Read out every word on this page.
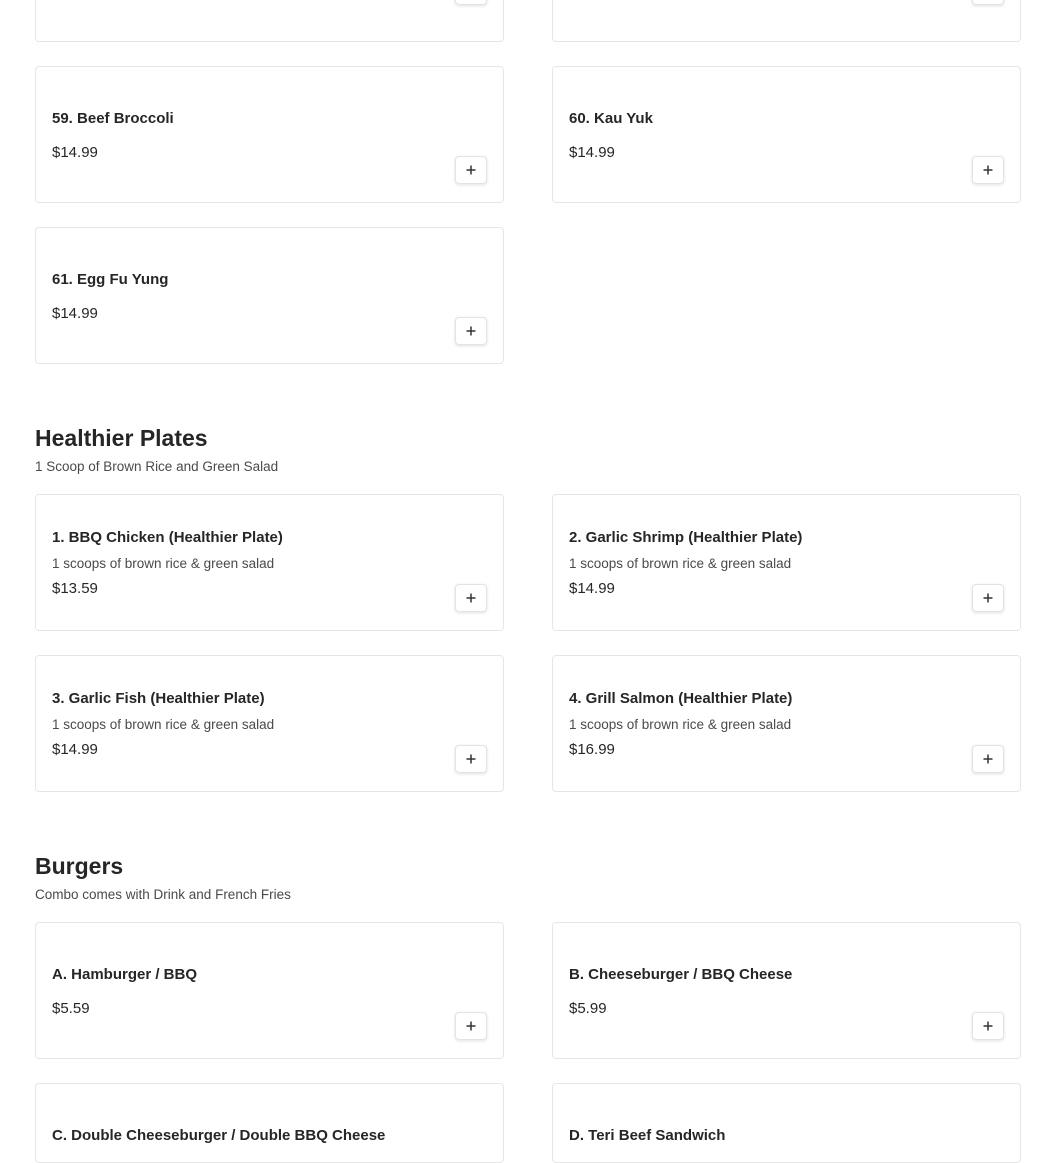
59. Beef Broccoli
$14.99
60. Kau Yuk
$14.99
61. Egg Fu Yung
$14.99
Healthier Plates
1 Scoop of Brown Rice and Green Salad
1. BBQ Chicken (Healthier Plate)
1 scoops of brown rice & green salad
$13.59
2. Garlic Shrimp (Healthier Plate)
1 scoops of brown rice & green salad
$14.99
3. Garlic Fish (Healthier Plate)
1 scoops of brown rice & green salad
$14.99
4. Grill Salmon (Healthier Plate)
1 scoops of brown rice & green salad
$16.99
Burgers
Combo comes with Drink and French Fries
A. Hamburger / BBQ
$5.59
B. Cheeseburger / BBQ Cheese
$5.99
C. Double Cheeseburger / Double BBQ Cheese	D. Teri Beef Sandwich
